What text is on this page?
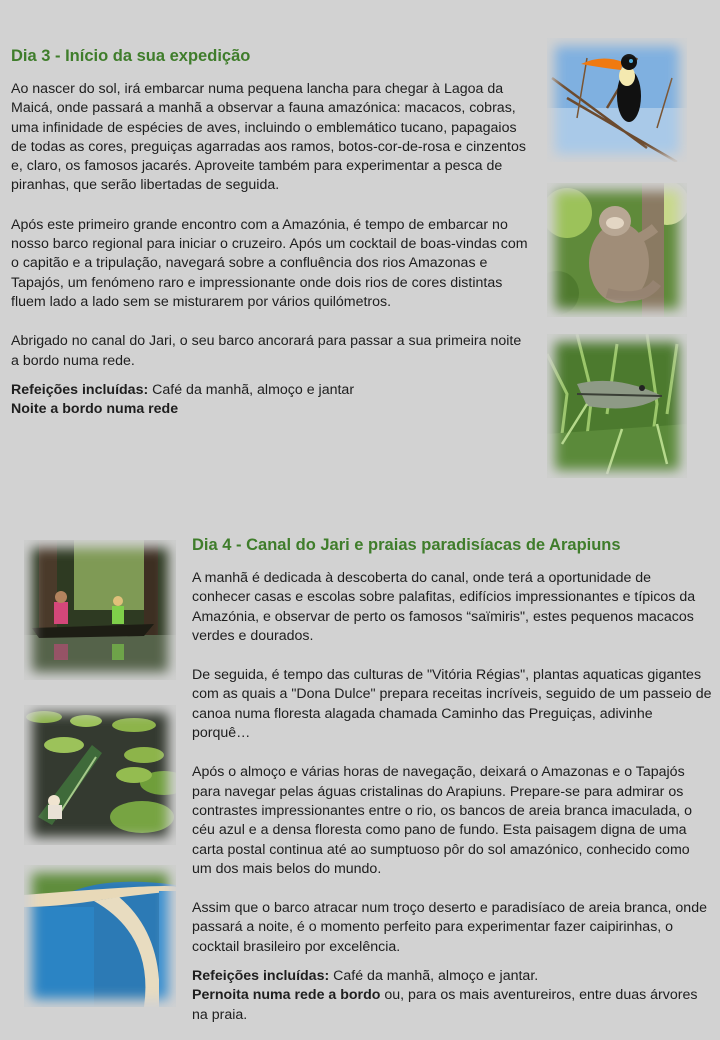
Dia 3 - Início da sua expedição

Ao nascer do sol, irá embarcar numa pequena lancha para chegar à Lagoa da Maicá, onde passará a manhã a observar a fauna amazónica: macacos, cobras, uma infinidade de espécies de aves, incluindo o emblemático tucano, papagaios de todas as cores, preguiças agarradas aos ramos, botos-cor-de-rosa e cinzentos e, claro, os famosos jacarés. Aproveite também para experimentar a pesca de piranhas, que serão libertadas de seguida.

Após este primeiro grande encontro com a Amazónia, é tempo de embarcar no nosso barco regional para iniciar o cruzeiro. Após um cocktail de boas-vindas com o capitão e a tripulação, navegará sobre a confluência dos rios Amazonas e Tapajós, um fenómeno raro e impressionante onde dois rios de cores distintas fluem lado a lado sem se misturarem por vários quilómetros.

Abrigado no canal do Jari, o seu barco ancorará para passar a sua primeira noite a bordo numa rede.

Refeições incluídas: Café da manhã, almoço e jantar
Noite a bordo numa rede

Dia 4 - Canal do Jari e praias paradisíacas de Arapiuns

A manhã é dedicada à descoberta do canal, onde terá a oportunidade de conhecer casas e escolas sobre palafitas, edifícios impressionantes e típicos da Amazónia, e observar de perto os famosos “saïmiris", estes pequenos macacos verdes e dourados.

De seguida, é tempo das culturas de "Vitória Régias", plantas aquaticas gigantes com as quais a "Dona Dulce" prepara receitas incríveis, seguido de um passeio de canoa numa floresta alagada chamada Caminho das Preguiças, adivinhe porquê…

Após o almoço e várias horas de navegação, deixará o Amazonas e o Tapajós para navegar pelas águas cristalinas do Arapiuns. Prepare-se para admirar os contrastes impressionantes entre o rio, os bancos de areia branca imaculada, o céu azul e a densa floresta como pano de fundo. Esta paisagem digna de uma carta postal continua até ao sumptuoso pôr do sol amazónico, conhecido como um dos mais belos do mundo.

Assim que o barco atracar num troço deserto e paradisíaco de areia branca, onde passará a noite, é o momento perfeito para experimentar fazer caipirinhas, o cocktail brasileiro por excelência.

Refeições incluídas: Café da manhã, almoço e jantar.
Pernoita numa rede a bordo ou, para os mais aventureiros, entre duas árvores na praia.
